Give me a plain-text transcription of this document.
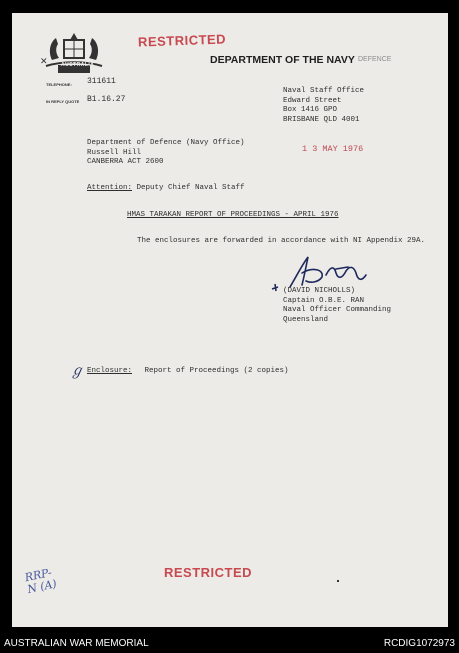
AUSTRALIA
✕
RESTRICTED
DEPARTMENT OF THE NAVY DEFENCE
TELEPHONE: 311611
IN REPLY QUOTE B1.16.27
Naval Staff Office
Edward Street
Box 1416 GPO
BRISBANE QLD 4001
Department of Defence (Navy Office)
Russell Hill
CANBERRA ACT 2600
1 3 MAY 1976
Attention: Deputy Chief Naval Staff
HMAS TARAKAN REPORT OF PROCEEDINGS - APRIL 1976
The enclosures are forwarded in accordance with NI Appendix 29A.
(DAVID NICHOLLS)
Captain O.B.E. RAN
Naval Officer Commanding
Queensland
ℊ Enclosure: Report of Proceedings (2 copies)
RESTRICTED
RRP-N (A)
AUSTRALIAN WAR MEMORIAL	RCDIG1072973
